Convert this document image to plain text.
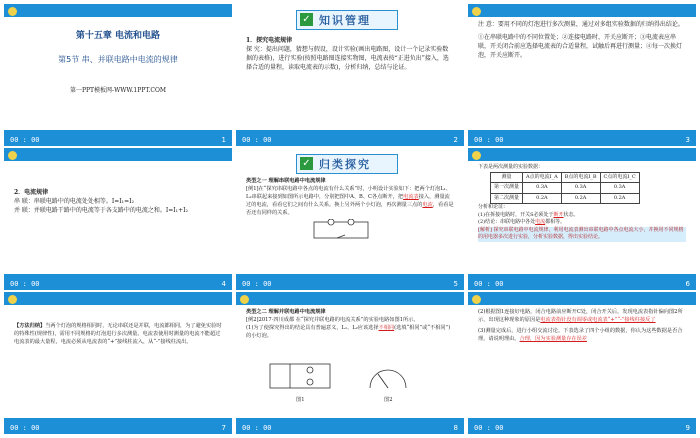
第十五章 电流和电路
第5节 串、并联电路中电流的规律
第一PPT模板网-WWW.1PPT.COM
00 : 00	1
✓ 知识管理
1．探究电流规律
探 究：提出问题，猜想与假设，设计实验(画出电路图，设计一个记录实验数据的表格)，进行实验(按照电路图连接实物图，电流表按“正进负出”接入，选择合适的量程，读取电流表的示数)，分析归纳，总结与论证。
00 : 00	2
注 意：要用不同的灯泡进行多次测量，通过对多组实验数据的归纳得出结论。
①在串联电路中的不同位置处；②连接电路时，开关应断开；③电流表应串联，开关闭合前应选择电流表的合适量程，试触后再进行测量；④每一次换灯泡，开关应断开。
00 : 00	3
2．电流规律
串 联：串联电路中的电流处处相等。I=I₁=I₂
并 联：并联电路干路中的电流等于各支路中的电流之和。I=I₁+I₂
00 : 00	4
✓ 归类探究
类型之一 理解串联电路中电流规律
[例1]在“探究串联电路中各点的电流有什么关系”时，小明设计实验如下：把两个灯泡L₁、L₂串联起来接到如图所示电路中，分别把图中A、B、C各点断开，把电流表接入，测量流过的电流，看看它们之间有什么关系。换上另外两个小灯泡，再次测量三点的电流，看看是否还有同样的关系。
00 : 00	5
下表是两次测量的实验数据：
测量	A点的电流I_A	B点的电流I_B	C点的电流I_C
第一次测量	0.3A	0.3A	0.3A
第二次测量	0.2A	0.2A	0.2A
分析和论证：
(1)在拆接电路时，开关S必须处于断开状态。
(2)结论：串联电路中各处电流都相等。
[解析] 探究串联电路中电流规律，利用电流表测出串联电路中各点电流大小，并换用不同规格的用电器多次进行实验，分析实验数据，得出实验结论。
00 : 00	6
【方法归纳】当两个灯泡的规格相同时，无论串联还是并联，电流都相同，为了避免实验时的特殊性(规律性)，需用不同规格的灯泡进行多次测量。电流表使用时测量的电流不能超过电流表的最大量程，电流必须从电流表的“+”接线柱流入，从“-”接线柱流出。
00 : 00	7
类型之二 理解并联电路中电流规律
[例2]2017·四川成都 在“探究并联电路的电流关系”的实验电路如图1所示。
(1)为了使探究得出的结论具有普遍意义，L₁、L₂应该选择不相同(选填“相同”或“不相同”)的小灯泡。
图1	图2
00 : 00	8
(2)根据图1连接好电路，闭合电路前应断开C处，闭合开关后，发现电流表指针偏向图2所示，出现这种现象的原因是电流表指针没有调零或电流表“+”“-”接线柱接反了
(3)测量完成后，进行小组交流讨论。下表选录了四个小组的数据，你认为这些数据是否合理，请说明理由。合理，因为实验测量存在误差
00 : 00	9
